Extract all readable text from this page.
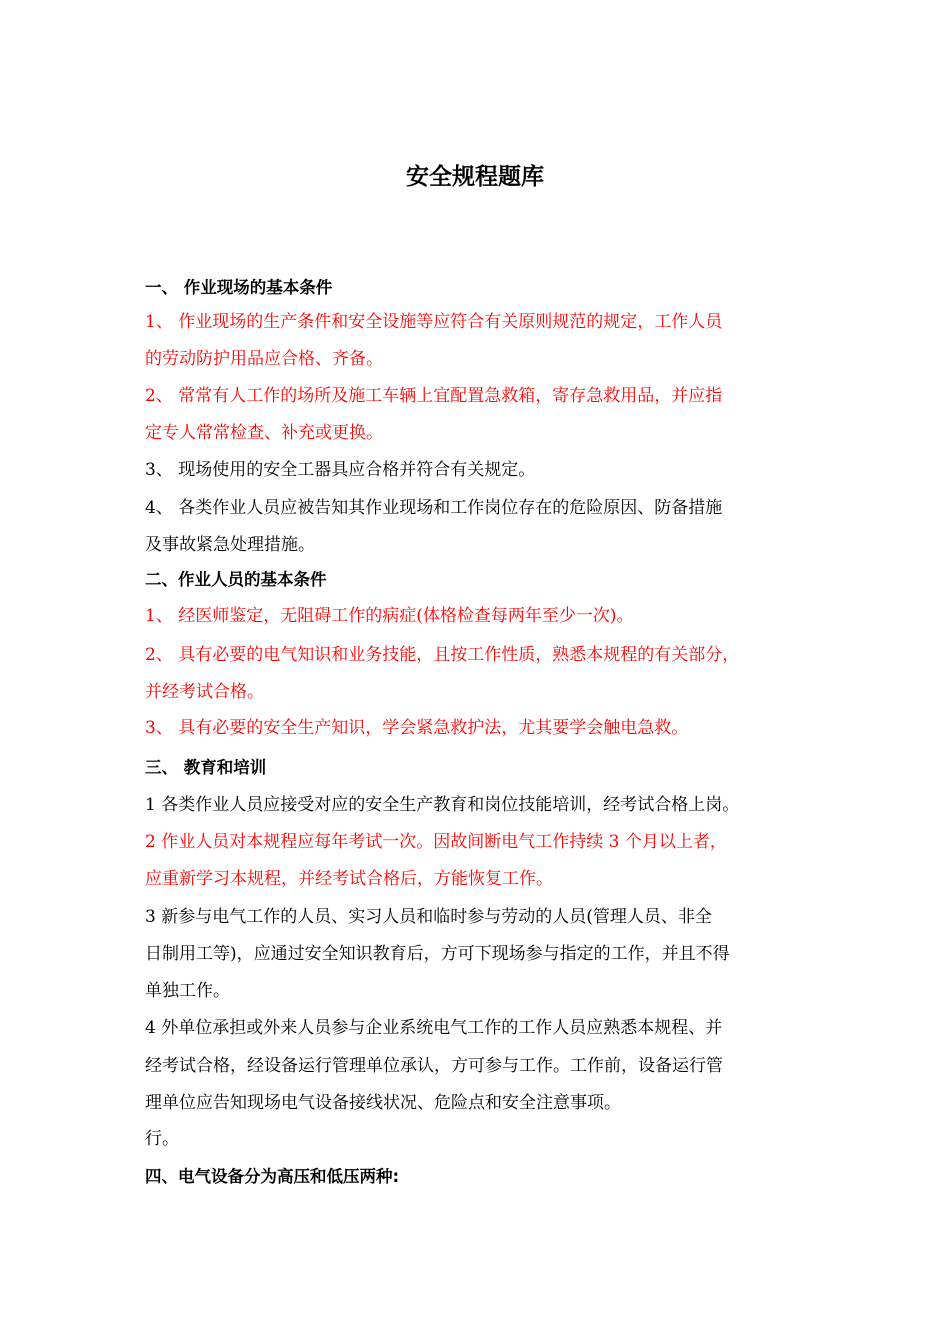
安全规程题库
一、 作业现场的基本条件
1、 作业现场的生产条件和安全设施等应符合有关原则规范的规定，工作人员
的劳动防护用品应合格、齐备。
2、 常常有人工作的场所及施工车辆上宜配置急救箱，寄存急救用品，并应指
定专人常常检查、补充或更换。
3、 现场使用的安全工器具应合格并符合有关规定。
4、 各类作业人员应被告知其作业现场和工作岗位存在的危险原因、防备措施
及事故紧急处理措施。
二、作业人员的基本条件
1、 经医师鉴定，无阻碍工作的病症(体格检查每两年至少一次)。
2、 具有必要的电气知识和业务技能，且按工作性质，熟悉本规程的有关部分，
并经考试合格。
3、 具有必要的安全生产知识，学会紧急救护法，尤其要学会触电急救。
三、 教育和培训
1 各类作业人员应接受对应的安全生产教育和岗位技能培训，经考试合格上岗。
2 作业人员对本规程应每年考试一次。因故间断电气工作持续 3 个月以上者，
应重新学习本规程，并经考试合格后，方能恢复工作。
3 新参与电气工作的人员、实习人员和临时参与劳动的人员(管理人员、非全
日制用工等)，应通过安全知识教育后，方可下现场参与指定的工作，并且不得
单独工作。
4 外单位承担或外来人员参与企业系统电气工作的工作人员应熟悉本规程、并
经考试合格，经设备运行管理单位承认，方可参与工作。工作前，设备运行管
理单位应告知现场电气设备接线状况、危险点和安全注意事项。
行。
四、电气设备分为高压和低压两种:
